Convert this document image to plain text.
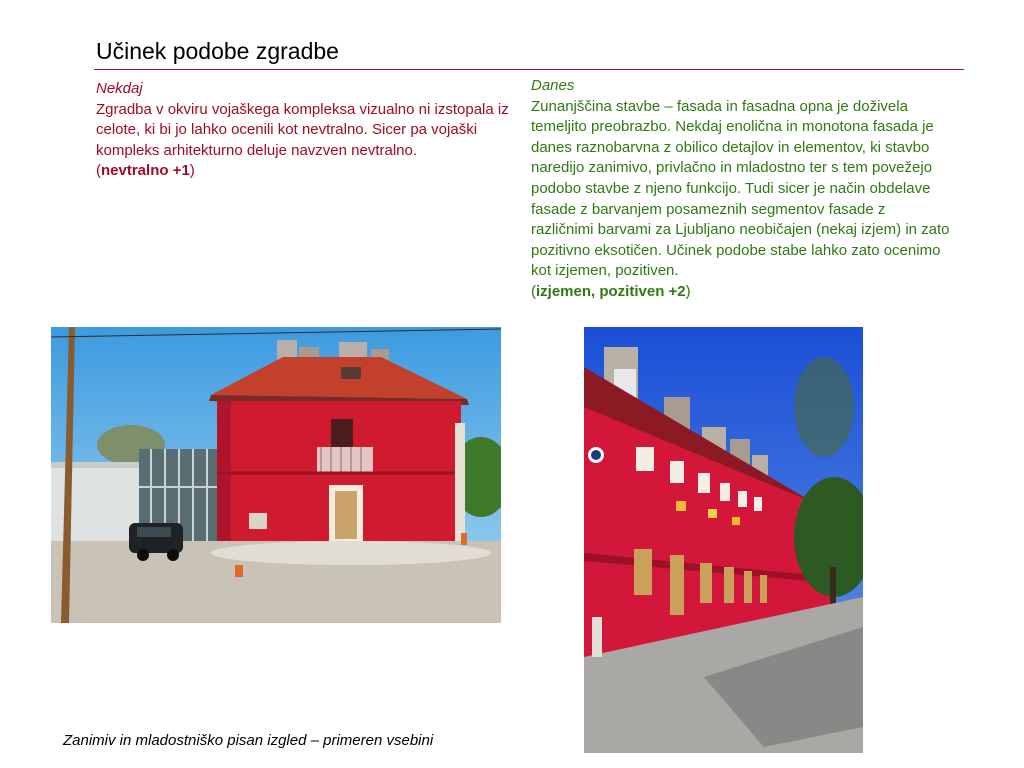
Učinek podobe zgradbe
Nekdaj
Zgradba v okviru vojaškega kompleksa vizualno ni izstopala iz celote, ki bi jo lahko ocenili kot nevtralno. Sicer pa vojaški kompleks arhitekturno deluje navzven nevtralno.
(nevtralno +1)
Danes
Zunanjščina stavbe – fasada in fasadna opna je doživela temeljito preobrazbo. Nekdaj enolična in monotona fasada je danes raznobarvna z obilico detajlov in elementov, ki stavbo naredijo zanimivo, privlačno in mladostno ter s tem povežejo podobo stavbe z njeno funkcijo. Tudi sicer je način obdelave fasade z barvanjem posameznih segmentov fasade z različnimi barvami za Ljubljano neobičajen (nekaj izjem) in zato pozitivno eksotičen. Učinek podobe stabe lahko zato ocenimo kot izjemen, pozitiven.
(izjemen, pozitiven +2)
Zanimiv in mladostniško pisan izgled – primeren vsebini
